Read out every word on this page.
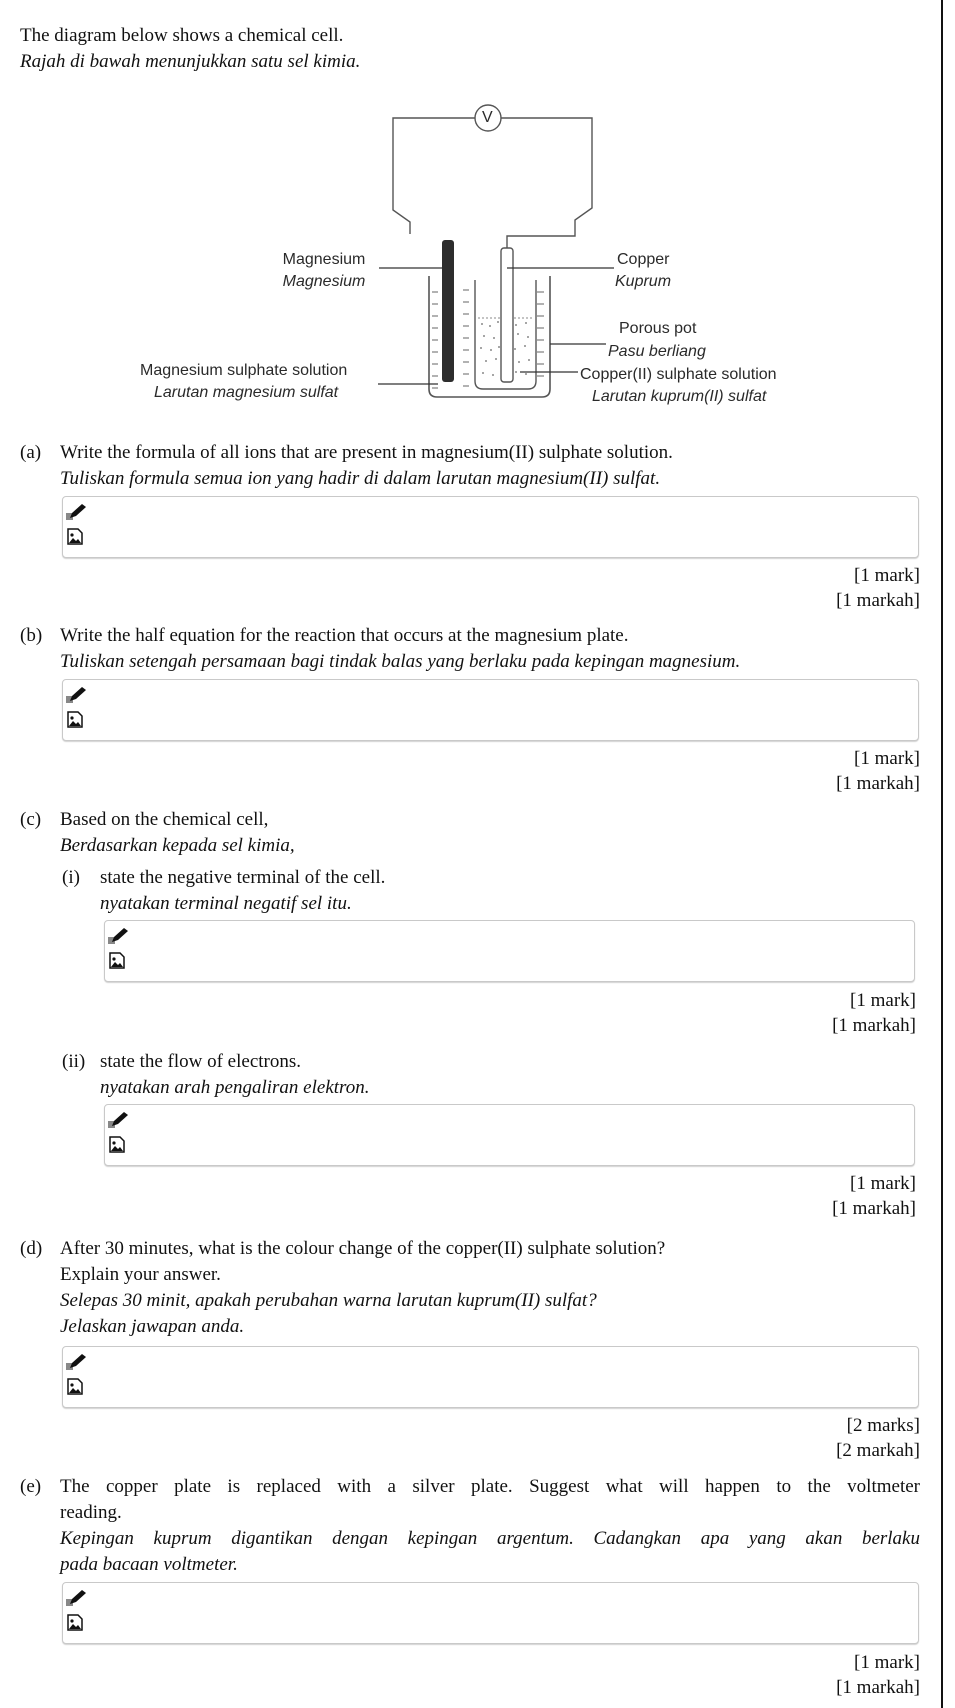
The diagram below shows a chemical cell.
Rajah di bawah menunjukkan satu sel kimia.
V
Magnesium
Magnesium
Copper
Kuprum
Porous pot
Pasu berliang
Copper(II) sulphate solution
Larutan kuprum(II) sulfat
Magnesium sulphate solution
Larutan magnesium sulfat
(a) Write the formula of all ions that are present in magnesium(II) sulphate solution.
Tuliskan formula semua ion yang hadir di dalam larutan magnesium(II) sulfat.
[1 mark]
[1 markah]
(b) Write the half equation for the reaction that occurs at the magnesium plate.
Tuliskan setengah persamaan bagi tindak balas yang berlaku pada kepingan magnesium.
[1 mark]
[1 markah]
(c) Based on the chemical cell,
Berdasarkan kepada sel kimia,
(i) state the negative terminal of the cell.
nyatakan terminal negatif sel itu.
[1 mark]
[1 markah]
(ii) state the flow of electrons.
nyatakan arah pengaliran elektron.
[1 mark]
[1 markah]
(d) After 30 minutes, what is the colour change of the copper(II) sulphate solution?
Explain your answer.
Selepas 30 minit, apakah perubahan warna larutan kuprum(II) sulfat?
Jelaskan jawapan anda.
[2 marks]
[2 markah]
(e) The copper plate is replaced with a silver plate. Suggest what will happen to the voltmeter
reading.
Kepingan kuprum digantikan dengan kepingan argentum. Cadangkan apa yang akan berlaku
pada bacaan voltmeter.
[1 mark]
[1 markah]
